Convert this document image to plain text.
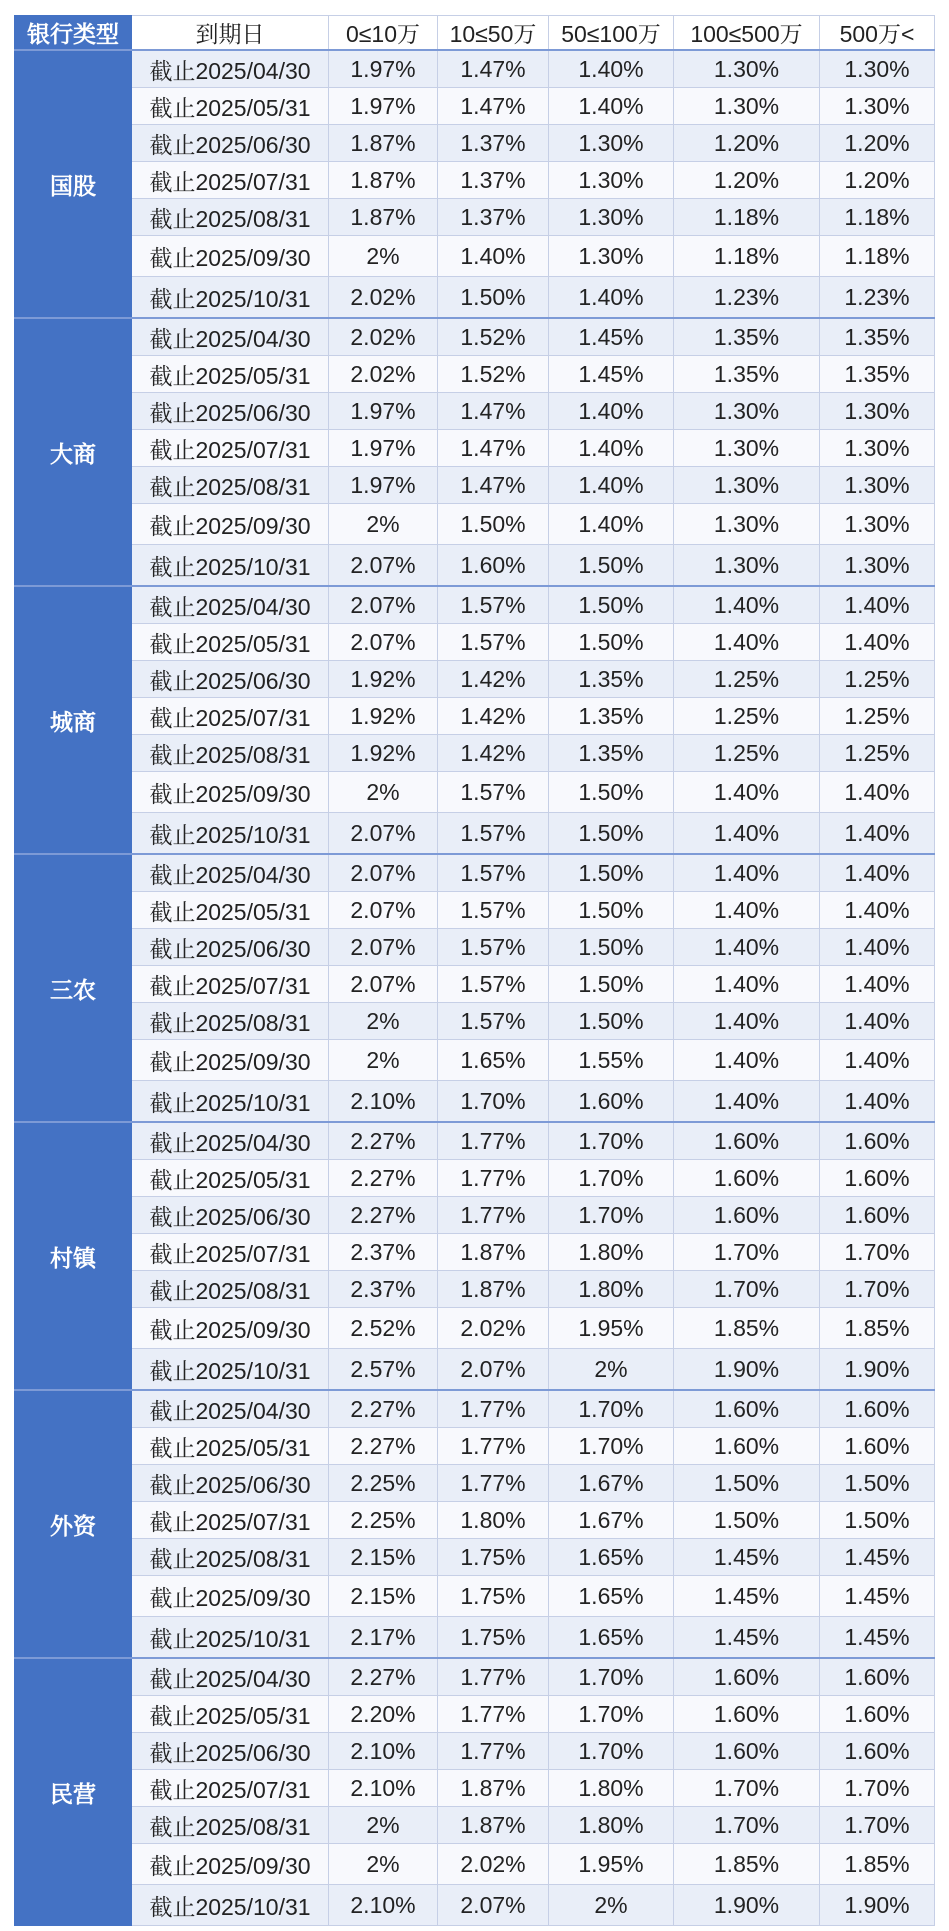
银行类型	到期日	0≤10万	10≤50万	50≤100万	100≤500万	500万<
国股	截止2025/04/30	1.97%	1.47%	1.40%	1.30%	1.30%
	截止2025/05/31	1.97%	1.47%	1.40%	1.30%	1.30%
	截止2025/06/30	1.87%	1.37%	1.30%	1.20%	1.20%
	截止2025/07/31	1.87%	1.37%	1.30%	1.20%	1.20%
	截止2025/08/31	1.87%	1.37%	1.30%	1.18%	1.18%
	截止2025/09/30	2%	1.40%	1.30%	1.18%	1.18%
	截止2025/10/31	2.02%	1.50%	1.40%	1.23%	1.23%
大商	截止2025/04/30	2.02%	1.52%	1.45%	1.35%	1.35%
	截止2025/05/31	2.02%	1.52%	1.45%	1.35%	1.35%
	截止2025/06/30	1.97%	1.47%	1.40%	1.30%	1.30%
	截止2025/07/31	1.97%	1.47%	1.40%	1.30%	1.30%
	截止2025/08/31	1.97%	1.47%	1.40%	1.30%	1.30%
	截止2025/09/30	2%	1.50%	1.40%	1.30%	1.30%
	截止2025/10/31	2.07%	1.60%	1.50%	1.30%	1.30%
城商	截止2025/04/30	2.07%	1.57%	1.50%	1.40%	1.40%
	截止2025/05/31	2.07%	1.57%	1.50%	1.40%	1.40%
	截止2025/06/30	1.92%	1.42%	1.35%	1.25%	1.25%
	截止2025/07/31	1.92%	1.42%	1.35%	1.25%	1.25%
	截止2025/08/31	1.92%	1.42%	1.35%	1.25%	1.25%
	截止2025/09/30	2%	1.57%	1.50%	1.40%	1.40%
	截止2025/10/31	2.07%	1.57%	1.50%	1.40%	1.40%
三农	截止2025/04/30	2.07%	1.57%	1.50%	1.40%	1.40%
	截止2025/05/31	2.07%	1.57%	1.50%	1.40%	1.40%
	截止2025/06/30	2.07%	1.57%	1.50%	1.40%	1.40%
	截止2025/07/31	2.07%	1.57%	1.50%	1.40%	1.40%
	截止2025/08/31	2%	1.57%	1.50%	1.40%	1.40%
	截止2025/09/30	2%	1.65%	1.55%	1.40%	1.40%
	截止2025/10/31	2.10%	1.70%	1.60%	1.40%	1.40%
村镇	截止2025/04/30	2.27%	1.77%	1.70%	1.60%	1.60%
	截止2025/05/31	2.27%	1.77%	1.70%	1.60%	1.60%
	截止2025/06/30	2.27%	1.77%	1.70%	1.60%	1.60%
	截止2025/07/31	2.37%	1.87%	1.80%	1.70%	1.70%
	截止2025/08/31	2.37%	1.87%	1.80%	1.70%	1.70%
	截止2025/09/30	2.52%	2.02%	1.95%	1.85%	1.85%
	截止2025/10/31	2.57%	2.07%	2%	1.90%	1.90%
外资	截止2025/04/30	2.27%	1.77%	1.70%	1.60%	1.60%
	截止2025/05/31	2.27%	1.77%	1.70%	1.60%	1.60%
	截止2025/06/30	2.25%	1.77%	1.67%	1.50%	1.50%
	截止2025/07/31	2.25%	1.80%	1.67%	1.50%	1.50%
	截止2025/08/31	2.15%	1.75%	1.65%	1.45%	1.45%
	截止2025/09/30	2.15%	1.75%	1.65%	1.45%	1.45%
	截止2025/10/31	2.17%	1.75%	1.65%	1.45%	1.45%
民营	截止2025/04/30	2.27%	1.77%	1.70%	1.60%	1.60%
	截止2025/05/31	2.20%	1.77%	1.70%	1.60%	1.60%
	截止2025/06/30	2.10%	1.77%	1.70%	1.60%	1.60%
	截止2025/07/31	2.10%	1.87%	1.80%	1.70%	1.70%
	截止2025/08/31	2%	1.87%	1.80%	1.70%	1.70%
	截止2025/09/30	2%	2.02%	1.95%	1.85%	1.85%
	截止2025/10/31	2.10%	2.07%	2%	1.90%	1.90%
